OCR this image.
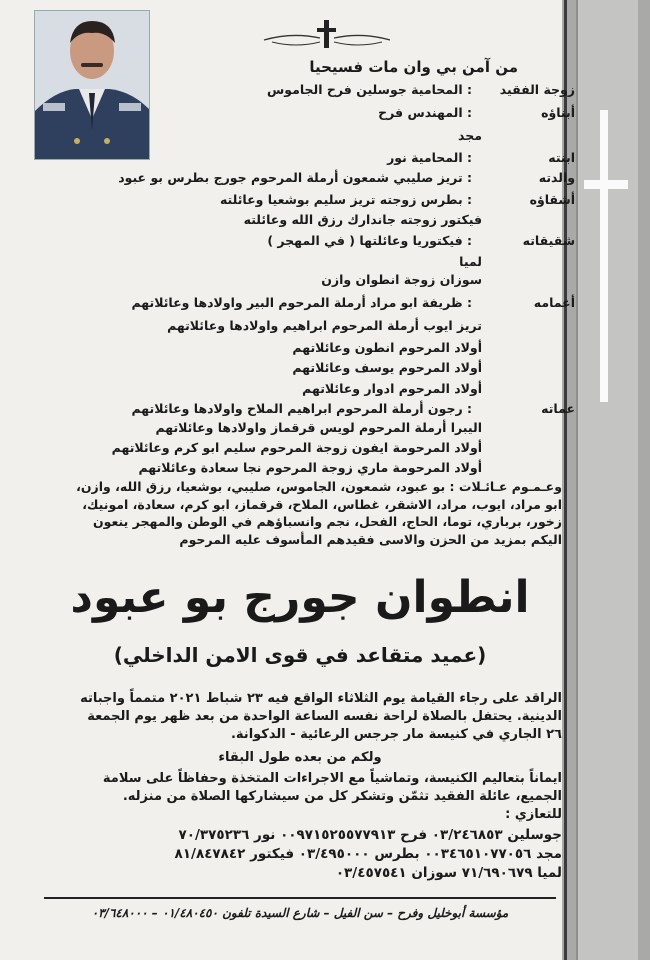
من آمن بي وان مات فسيحيا
زوجة الفقيد
: المحامية جوسلين فرح الجاموس
أبناؤه
: المهندس فرح
مجد
ابنته
: المحامية نور
والدته
: تريز صليبي شمعون أرملة المرحوم جورج بطرس بو عبود
أشقاؤه
: بطرس زوجته تريز سليم بوشعيا وعائلته
فيكتور زوجته جاندارك رزق الله وعائلته
شقيقاته
: فيكتوريا وعائلتها ( في المهجر )
لميا
سوزان زوجة انطوان وازن
أعمامه
: ظريفة ابو مراد أرملة المرحوم البير واولادها وعائلاتهم
تريز ايوب أرملة المرحوم ابراهيم واولادها وعائلاتهم
أولاد المرحوم انطون وعائلاتهم
أولاد المرحوم يوسف وعائلاتهم
أولاد المرحوم ادوار وعائلاتهم
عماته
: رجون أرملة المرحوم ابراهيم الملاح واولادها وعائلاتهم
اليبرا أرملة المرحوم لويس قرقماز واولادها وعائلاتهم
أولاد المرحومة ايفون زوجة المرحوم سليم ابو كرم وعائلاتهم
أولاد المرحومة ماري زوجة المرحوم نجا سعادة وعائلاتهم
وعـمـوم عـائـلات : بو عبود، شمعون، الجاموس، صليبي، بوشعيا، رزق الله، وازن، ابو مراد، ايوب، مراد، الاشقر، غطاس، الملاح، قرقماز، ابو كرم، سعادة، امونيك، زخور، برباري، توما، الحاج، الفحل، نجم وانسباؤهم في الوطن والمهجر ينعون اليكم بمزيد من الحزن والاسى فقيدهم المأسوف عليه المرحوم
انطوان جورج بو عبود
(عميد متقاعد في قوى الامن الداخلي)
الراقد على رجاء القيامة يوم الثلاثاء الواقع فيه ٢٣ شباط ٢٠٢١ متمماً واجباته الدينية. يحتفل بالصلاة لراحة نفسه الساعة الواحدة من بعد ظهر يوم الجمعة ٢٦ الجاري في كنيسة مار جرجس الرعائية - الدكوانة.
ولكم من بعده طول البقاء
ايماناً بتعاليم الكنيسة، وتماشياً مع الاجراءات المتخذة وحفاظاً على سلامة الجميع، عائلة الفقيد تثمّن وتشكر كل من سيشاركها الصلاة من منزله. للتعازي :
جوسلين ٠٣/٢٤٦٨٥٣ فرح ٠٠٩٧١٥٢٥٥٧٧٩١٣ نور ٧٠/٣٧٥٢٣٦
مجد ٠٠٣٤٦٥١٠٧٧٠٥٦ بطرس ٠٣/٤٩٥٠٠٠ فيكتور ٨١/٨٤٧٨٤٢
لميا ٧١/٦٩٠٦٧٩ سوزان ٠٣/٤٥٧٥٤١
مؤسسة أبوخليل وفرح – سن الفيل – شارع السيدة تلفون ٠١/٤٨٠٤٥٠ – ٠٣/٦٤٨٠٠٠
